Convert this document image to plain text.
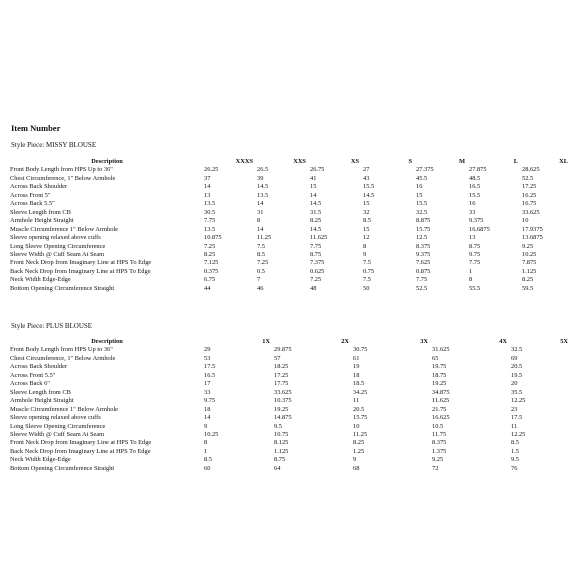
Item Number
Style Piece: MISSY BLOUSE
Description	XXXS	XXS	XS	S	M	L	XL
Front Body Length from HPS Up to 36"	26.25	26.5	26.75	27	27.375	27.875	28.625
Chest Circumference, 1" Below Armhole	37	39	41	43	45.5	48.5	52.5
Across Back Shoulder	14	14.5	15	15.5	16	16.5	17.25
Across Front 5"	13	13.5	14	14.5	15	15.5	16.25
Across Back 5.5"	13.5	14	14.5	15	15.5	16	16.75
Sleeve Length from CB	30.5	31	31.5	32	32.5	33	33.625
Armhole Height Straight	7.75	8	8.25	8.5	8.875	9.375	10
Muscle Circumference 1" Below Armhole	13.5	14	14.5	15	15.75	16.6875	17.9375
Sleeve opening relaxed above cuffs	10.875	11.25	11.625	12	12.5	13	13.6875
Long Sleeve Opening Circumference	7.25	7.5	7.75	8	8.375	8.75	9.25
Sleeve Width @ Cuff Seam At Seam	8.25	8.5	8.75	9	9.375	9.75	10.25
Front Neck Drop from Imaginary Line at HPS To Edge	7.125	7.25	7.375	7.5	7.625	7.75	7.875
Back Neck Drop from Imaginary Line at HPS To Edge	0.375	0.5	0.625	0.75	0.875	1	1.125
Neck Width Edge-Edge	6.75	7	7.25	7.5	7.75	8	8.25
Bottom Opening Circumference Straight	44	46	48	50	52.5	55.5	59.5
Style Piece: PLUS BLOUSE
Description	1X	2X	3X	4X	5X
Front Body Length from HPS Up to 36"	29	29.875	30.75	31.625	32.5
Chest Circumference, 1" Below Armhole	53	57	61	65	69
Across Back Shoulder	17.5	18.25	19	19.75	20.5
Across Front 5.5"	16.5	17.25	18	18.75	19.5
Across Back 6"	17	17.75	18.5	19.25	20
Sleeve Length from CB	33	33.625	34.25	34.875	35.5
Armhole Height Straight	9.75	10.375	11	11.625	12.25
Muscle Circumference 1" Below Armhole	18	19.25	20.5	21.75	23
Sleeve opening relaxed above cuffs	14	14.875	15.75	16.625	17.5
Long Sleeve Opening Circumference	9	9.5	10	10.5	11
Sleeve Width @ Cuff Seam At Seam	10.25	10.75	11.25	11.75	12.25
Front Neck Drop from Imaginary Line at HPS To Edge	8	8.125	8.25	8.375	8.5
Back Neck Drop from Imaginary Line at HPS To Edge	1	1.125	1.25	1.375	1.5
Neck Width Edge-Edge	8.5	8.75	9	9.25	9.5
Bottom Opening Circumference Straight	60	64	68	72	76
